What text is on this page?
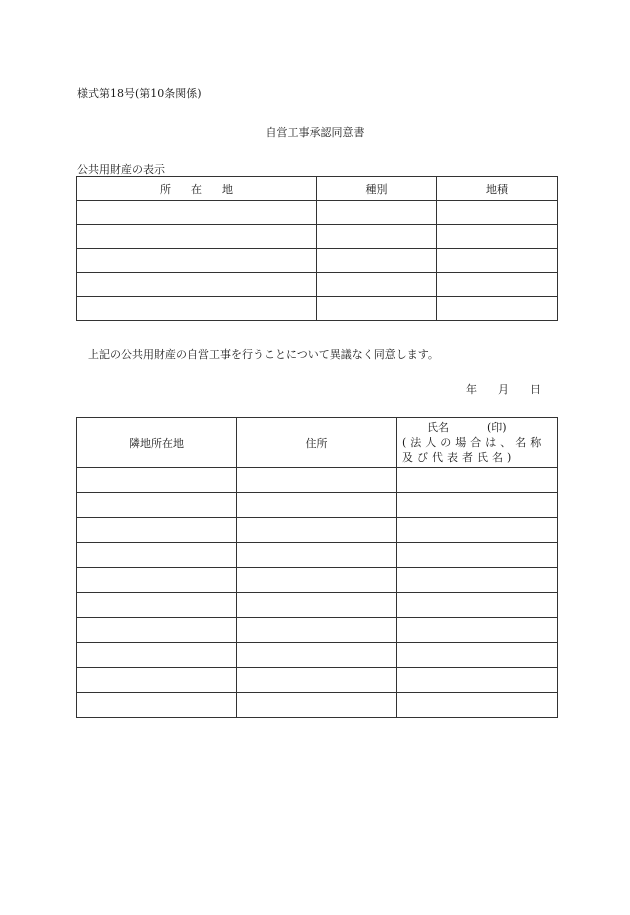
様式第18号(第10条関係)
自営工事承認同意書
公共用財産の表示
所 在 地	種別	地積

上記の公共用財産の自営工事を行うことについて異議なく同意します。
年 月 日
隣地所在地	住所	氏名 (印)
(法人の場合は、名称
及び代表者氏名)
